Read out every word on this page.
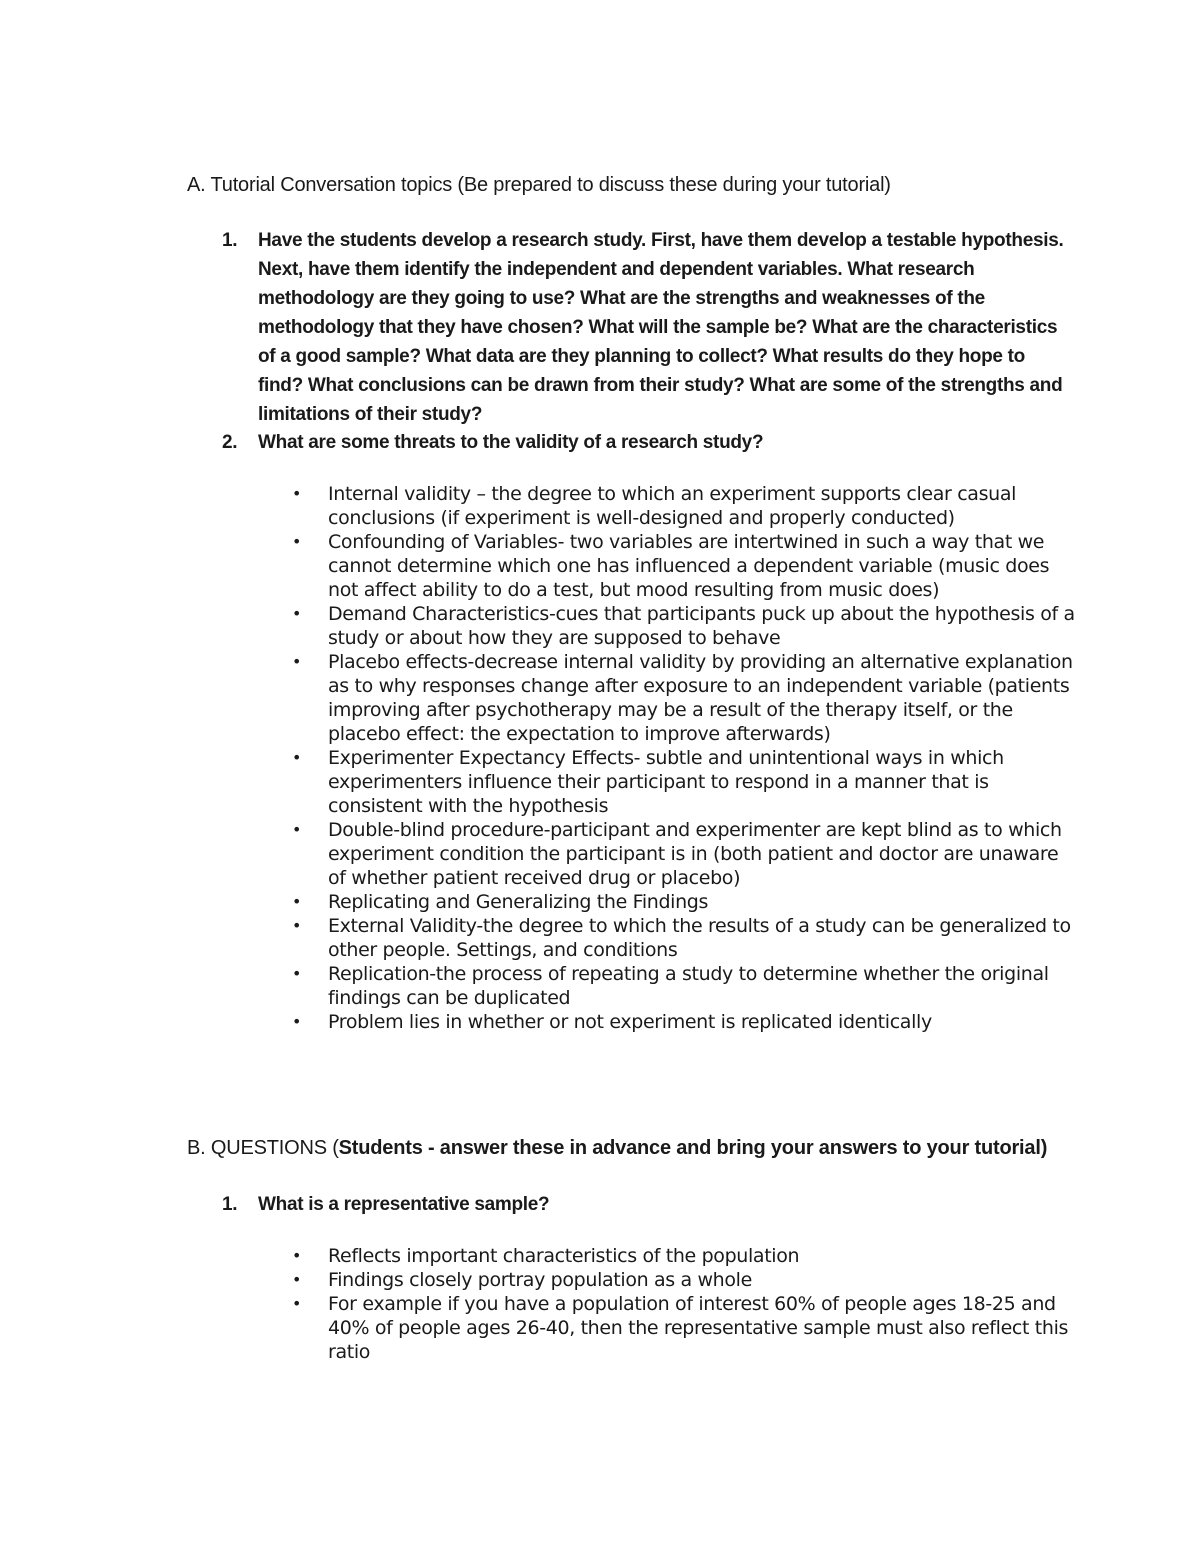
A. Tutorial Conversation topics (Be prepared to discuss these during your tutorial)
1.	Have the students develop a research study. First, have them develop a testable hypothesis. Next, have them identify the independent and dependent variables. What research methodology are they going to use? What are the strengths and weaknesses of the methodology that they have chosen? What will the sample be? What are the characteristics of a good sample? What data are they planning to collect? What results do they hope to find? What conclusions can be drawn from their study? What are some of the strengths and limitations of their study?
2.	What are some threats to the validity of a research study?
• Internal validity – the degree to which an experiment supports clear casual conclusions (if experiment is well-designed and properly conducted)
• Confounding of Variables- two variables are intertwined in such a way that we cannot determine which one has influenced a dependent variable (music does not affect ability to do a test, but mood resulting from music does)
• Demand Characteristics-cues that participants puck up about the hypothesis of a study or about how they are supposed to behave
• Placebo effects-decrease internal validity by providing an alternative explanation as to why responses change after exposure to an independent variable (patients improving after psychotherapy may be a result of the therapy itself, or the placebo effect: the expectation to improve afterwards)
• Experimenter Expectancy Effects- subtle and unintentional ways in which experimenters influence their participant to respond in a manner that is consistent with the hypothesis
• Double-blind procedure-participant and experimenter are kept blind as to which experiment condition the participant is in (both patient and doctor are unaware of whether patient received drug or placebo)
• Replicating and Generalizing the Findings
• External Validity-the degree to which the results of a study can be generalized to other people. Settings, and conditions
• Replication-the process of repeating a study to determine whether the original findings can be duplicated
• Problem lies in whether or not experiment is replicated identically
B. QUESTIONS (Students - answer these in advance and bring your answers to your tutorial)
1.	What is a representative sample?
• Reflects important characteristics of the population
• Findings closely portray population as a whole
• For example if you have a population of interest 60% of people ages 18-25 and 40% of people ages 26-40, then the representative sample must also reflect this ratio
